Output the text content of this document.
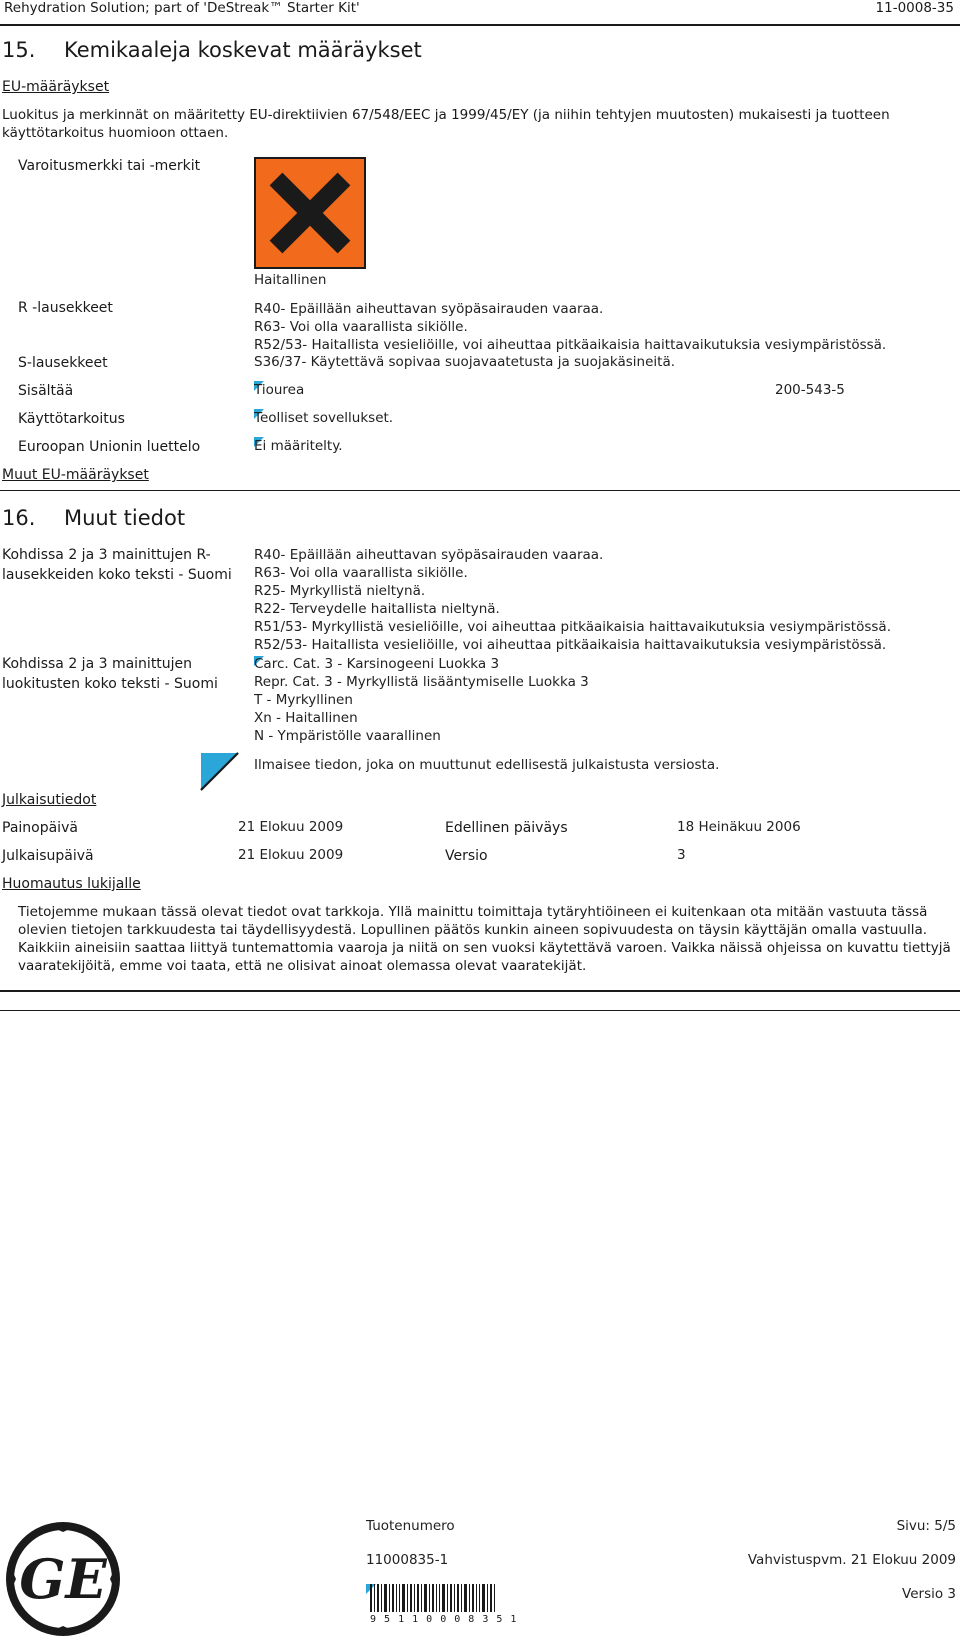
Rehydration Solution; part of 'DeStreak™ Starter Kit'	11-0008-35
15. Kemikaaleja koskevat määräykset
EU-määräykset
Luokitus ja merkinnät on määritetty EU-direktiivien 67/548/EEC ja 1999/45/EY (ja niihin tehtyjen muutosten) mukaisesti ja tuotteen
käyttötarkoitus huomioon ottaen.
Varoitusmerkki tai -merkit
Haitallinen
R -lausekkeet	R40- Epäillään aiheuttavan syöpäsairauden vaaraa.
R63- Voi olla vaarallista sikiölle.
R52/53- Haitallista vesieliöille, voi aiheuttaa pitkäaikaisia haittavaikutuksia vesiympäristössä.
S-lausekkeet	S36/37- Käytettävä sopivaa suojavaatetusta ja suojakäsineitä.
Sisältää	Tiourea	200-543-5
Käyttötarkoitus	Teolliset sovellukset.
Euroopan Unionin luettelo	Ei määritelty.
Muut EU-määräykset
16. Muut tiedot
Kohdissa 2 ja 3 mainittujen R-
lausekkeiden koko teksti - Suomi
R40- Epäillään aiheuttavan syöpäsairauden vaaraa.
R63- Voi olla vaarallista sikiölle.
R25- Myrkyllistä nieltynä.
R22- Terveydelle haitallista nieltynä.
R51/53- Myrkyllistä vesieliöille, voi aiheuttaa pitkäaikaisia haittavaikutuksia vesiympäristössä.
R52/53- Haitallista vesieliöille, voi aiheuttaa pitkäaikaisia haittavaikutuksia vesiympäristössä.
Kohdissa 2 ja 3 mainittujen
luokitusten koko teksti - Suomi
Carc. Cat. 3 - Karsinogeeni Luokka 3
Repr. Cat. 3 - Myrkyllistä lisääntymiselle Luokka 3
T - Myrkyllinen
Xn - Haitallinen
N - Ympäristölle vaarallinen
Ilmaisee tiedon, joka on muuttunut edellisestä julkaistusta versiosta.
Julkaisutiedot
Painopäivä	21 Elokuu 2009	Edellinen päiväys	18 Heinäkuu 2006
Julkaisupäivä	21 Elokuu 2009	Versio	3
Huomautus lukijalle
Tietojemme mukaan tässä olevat tiedot ovat tarkkoja. Yllä mainittu toimittaja tytäryhtiöineen ei kuitenkaan ota mitään vastuuta tässä
olevien tietojen tarkkuudesta tai täydellisyydestä. Lopullinen päätös kunkin aineen sopivuudesta on täysin käyttäjän omalla vastuulla.
Kaikkiin aineisiin saattaa liittyä tuntemattomia vaaroja ja niitä on sen vuoksi käytettävä varoen. Vaikka näissä ohjeissa on kuvattu tiettyjä
vaaratekijöitä, emme voi taata, että ne olisivat ainoat olemassa olevat vaaratekijät.
GE
Tuotenumero	Sivu: 5/5
11000835-1	Vahvistuspvm. 21 Elokuu 2009
Versio 3
9 5 1 1 0 0 0 8 3 5 1
